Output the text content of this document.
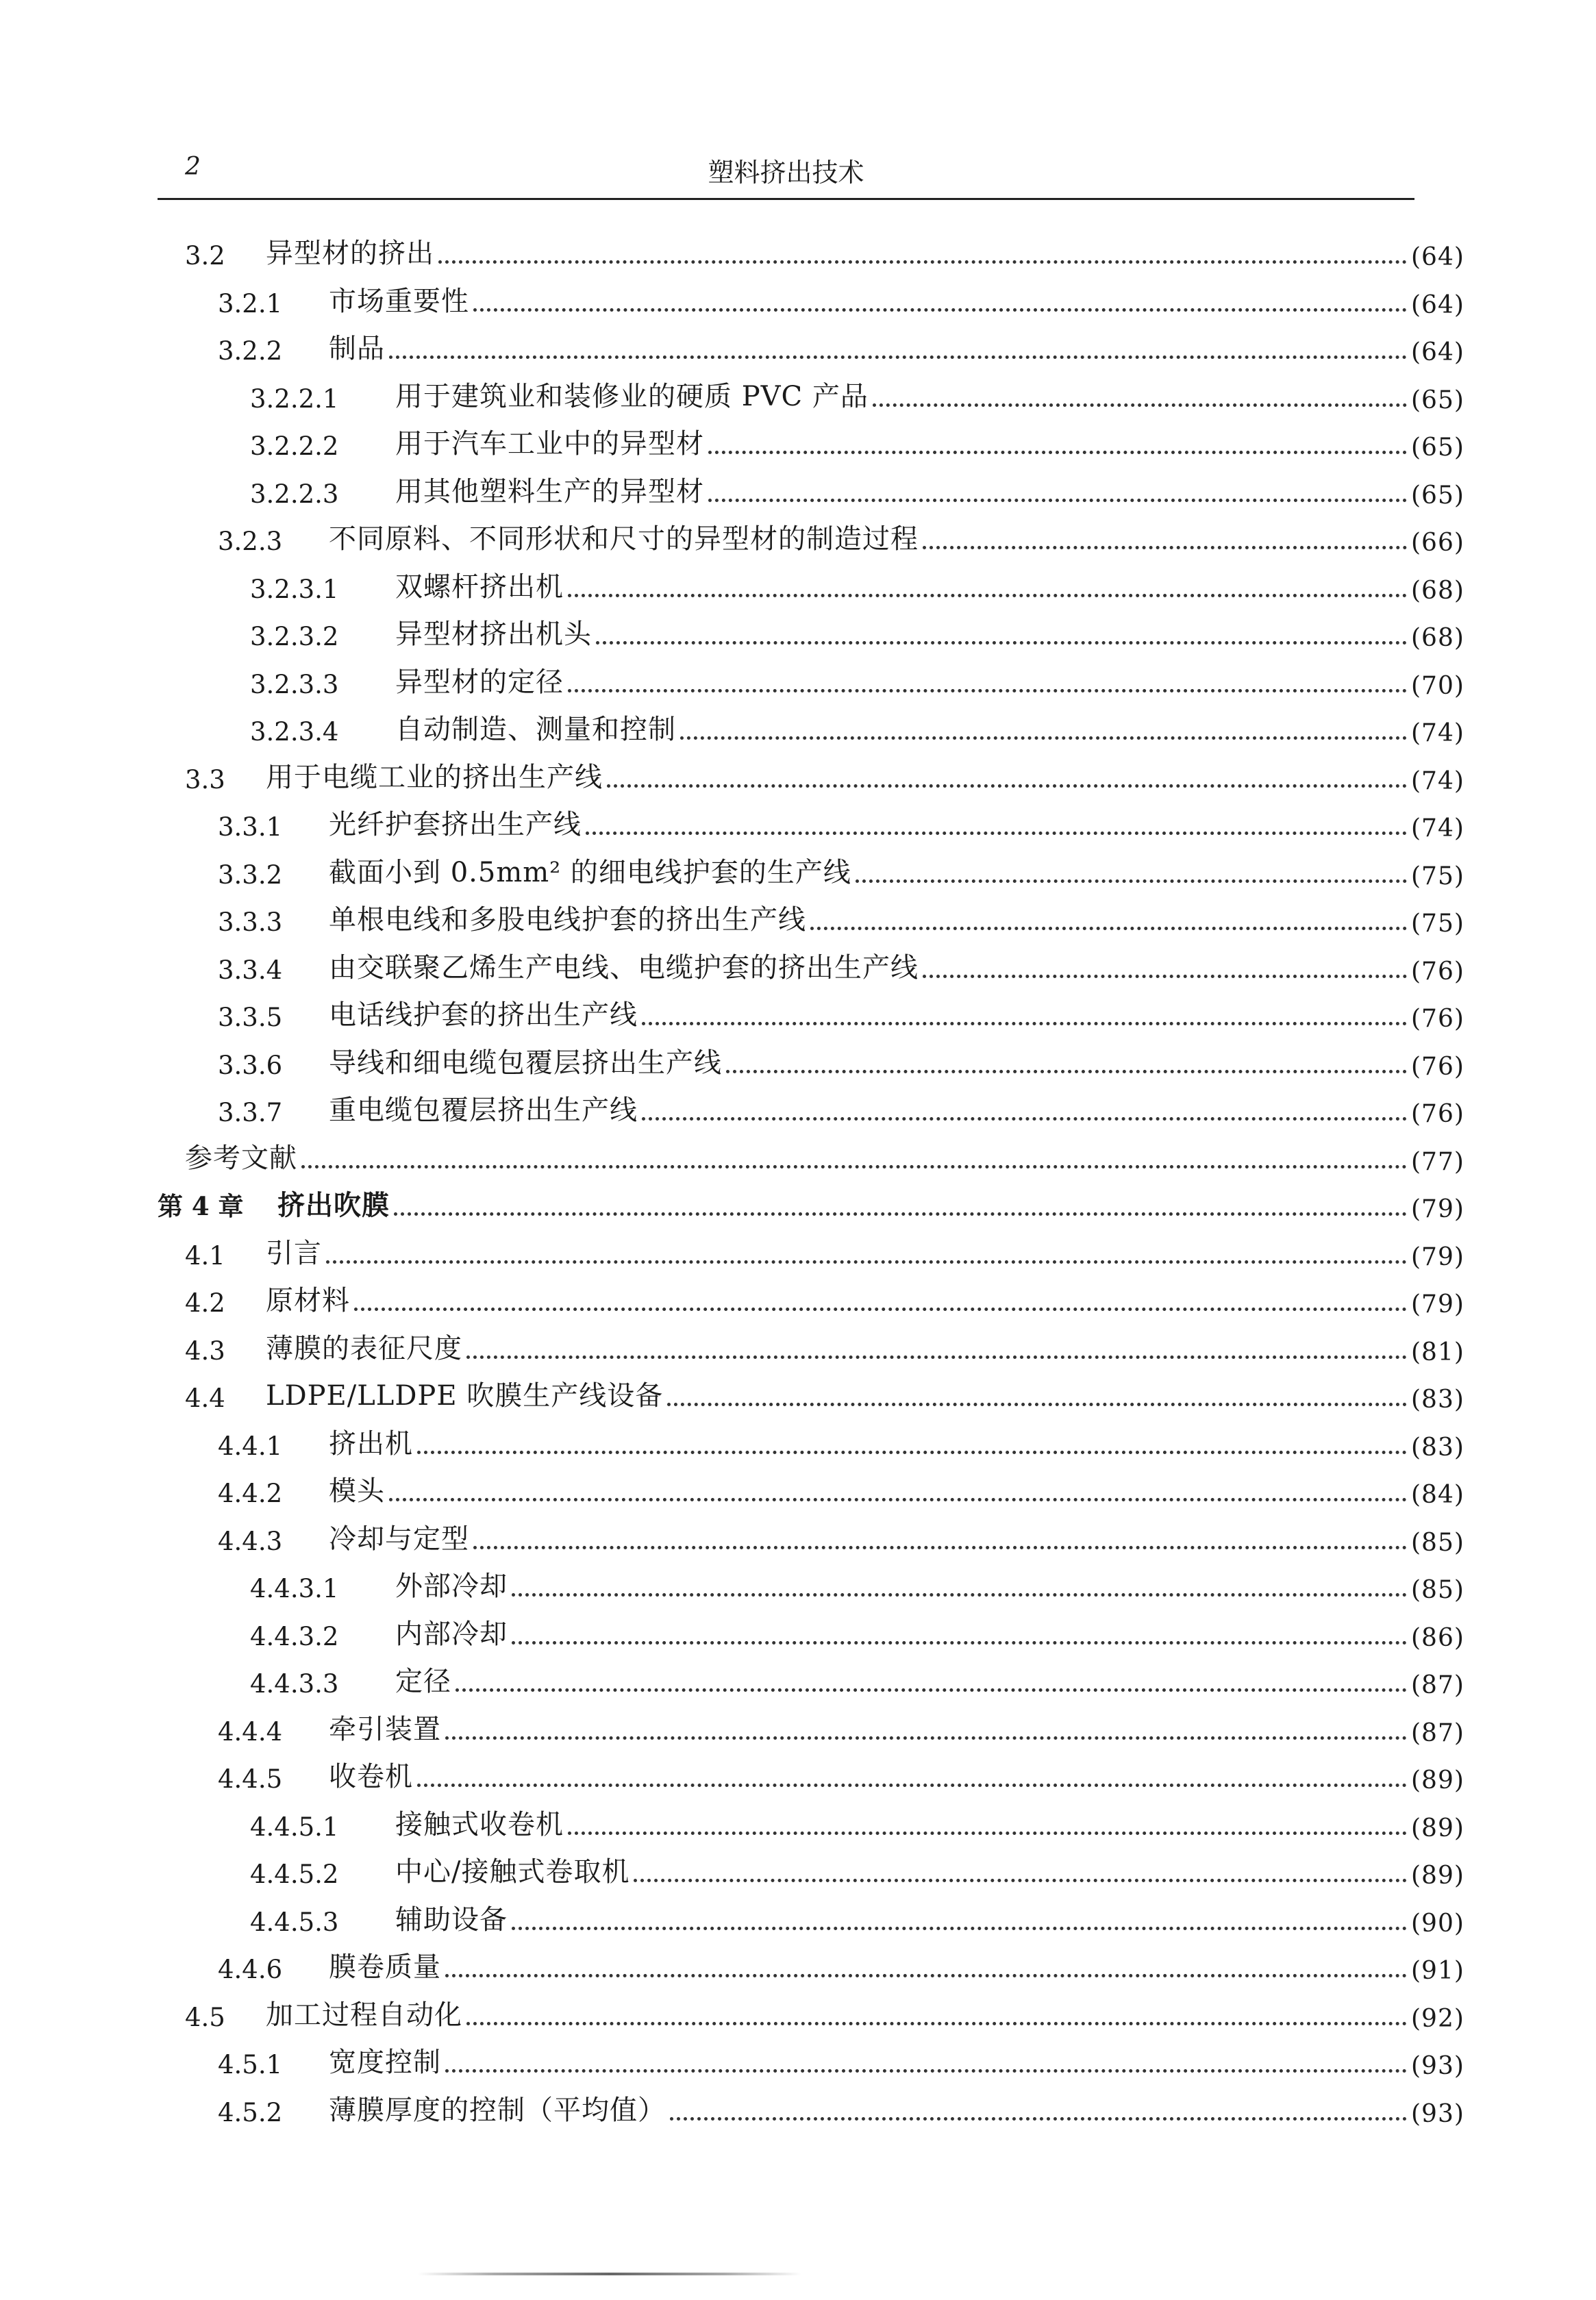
2	塑料挤出技术
3.2	异型材的挤出	(64)
3.2.1	市场重要性	(64)
3.2.2	制品	(64)
3.2.2.1	用于建筑业和装修业的硬质 PVC 产品	(65)
3.2.2.2	用于汽车工业中的异型材	(65)
3.2.2.3	用其他塑料生产的异型材	(65)
3.2.3	不同原料、不同形状和尺寸的异型材的制造过程	(66)
3.2.3.1	双螺杆挤出机	(68)
3.2.3.2	异型材挤出机头	(68)
3.2.3.3	异型材的定径	(70)
3.2.3.4	自动制造、测量和控制	(74)
3.3	用于电缆工业的挤出生产线	(74)
3.3.1	光纤护套挤出生产线	(74)
3.3.2	截面小到 0.5mm² 的细电线护套的生产线	(75)
3.3.3	单根电线和多股电线护套的挤出生产线	(75)
3.3.4	由交联聚乙烯生产电线、电缆护套的挤出生产线	(76)
3.3.5	电话线护套的挤出生产线	(76)
3.3.6	导线和细电缆包覆层挤出生产线	(76)
3.3.7	重电缆包覆层挤出生产线	(76)
参考文献	(77)
第 4 章	挤出吹膜	(79)
4.1	引言	(79)
4.2	原材料	(79)
4.3	薄膜的表征尺度	(81)
4.4	LDPE/LLDPE 吹膜生产线设备	(83)
4.4.1	挤出机	(83)
4.4.2	模头	(84)
4.4.3	冷却与定型	(85)
4.4.3.1	外部冷却	(85)
4.4.3.2	内部冷却	(86)
4.4.3.3	定径	(87)
4.4.4	牵引装置	(87)
4.4.5	收卷机	(89)
4.4.5.1	接触式收卷机	(89)
4.4.5.2	中心/接触式卷取机	(89)
4.4.5.3	辅助设备	(90)
4.4.6	膜卷质量	(91)
4.5	加工过程自动化	(92)
4.5.1	宽度控制	(93)
4.5.2	薄膜厚度的控制（平均值）	(93)
